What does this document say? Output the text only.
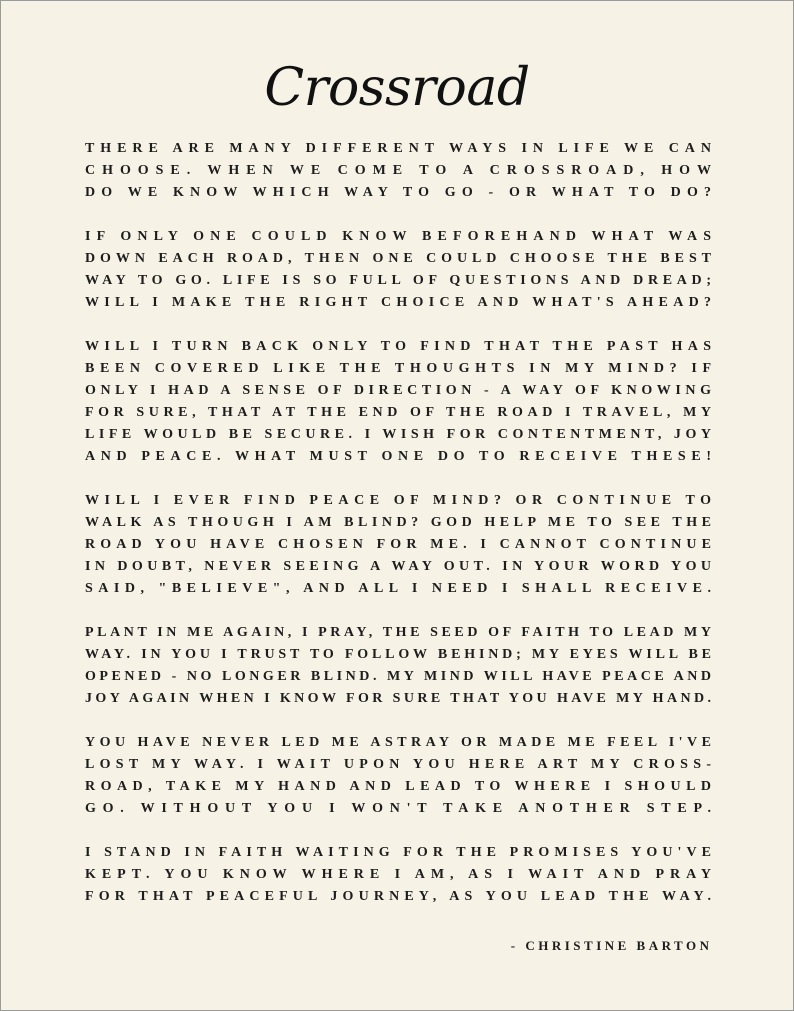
Crossroad
THERE ARE MANY DIFFERENT WAYS IN LIFE WE CAN
CHOOSE. WHEN WE COME TO A CROSSROAD, HOW
DO WE KNOW WHICH WAY TO GO - OR WHAT TO DO?
IF ONLY ONE COULD KNOW BEFOREHAND WHAT WAS
DOWN EACH ROAD, THEN ONE COULD CHOOSE THE BEST
WAY TO GO. LIFE IS SO FULL OF QUESTIONS AND DREAD;
WILL I MAKE THE RIGHT CHOICE AND WHAT'S AHEAD?
WILL I TURN BACK ONLY TO FIND THAT THE PAST HAS
BEEN COVERED LIKE THE THOUGHTS IN MY MIND? IF
ONLY I HAD A SENSE OF DIRECTION - A WAY OF KNOWING
FOR SURE, THAT AT THE END OF THE ROAD I TRAVEL, MY
LIFE WOULD BE SECURE. I WISH FOR CONTENTMENT, JOY
AND PEACE. WHAT MUST ONE DO TO RECEIVE THESE!
WILL I EVER FIND PEACE OF MIND? OR CONTINUE TO
WALK AS THOUGH I AM BLIND? GOD HELP ME TO SEE THE
ROAD YOU HAVE CHOSEN FOR ME. I CANNOT CONTINUE
IN DOUBT, NEVER SEEING A WAY OUT. IN YOUR WORD YOU
SAID, "BELIEVE", AND ALL I NEED I SHALL RECEIVE.
PLANT IN ME AGAIN, I PRAY, THE SEED OF FAITH TO LEAD MY
WAY. IN YOU I TRUST TO FOLLOW BEHIND; MY EYES WILL BE
OPENED - NO LONGER BLIND. MY MIND WILL HAVE PEACE AND
JOY AGAIN WHEN I KNOW FOR SURE THAT YOU HAVE MY HAND.
YOU HAVE NEVER LED ME ASTRAY OR MADE ME FEEL I'VE
LOST MY WAY. I WAIT UPON YOU HERE ART MY CROSS-
ROAD, TAKE MY HAND AND LEAD TO WHERE I SHOULD
GO. WITHOUT YOU I WON'T TAKE ANOTHER STEP.
I STAND IN FAITH WAITING FOR THE PROMISES YOU'VE
KEPT. YOU KNOW WHERE I AM, AS I WAIT AND PRAY
FOR THAT PEACEFUL JOURNEY, AS YOU LEAD THE WAY.
- CHRISTINE BARTON
